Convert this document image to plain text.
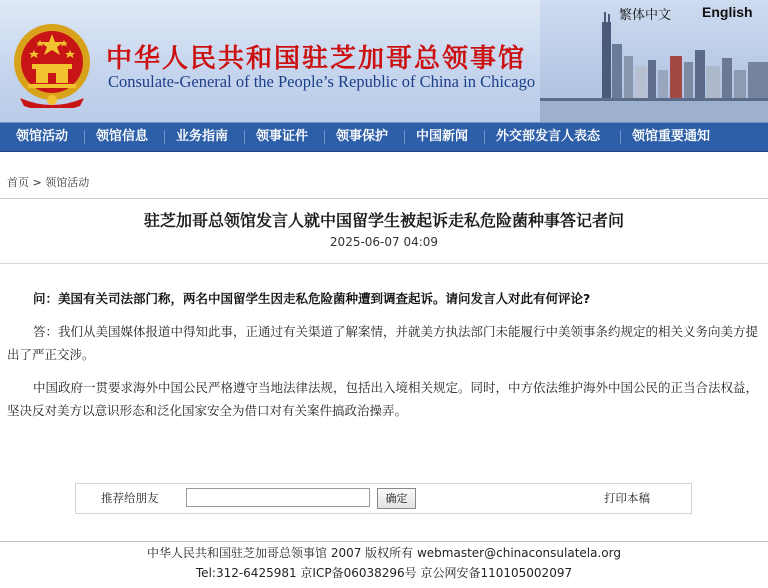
中华人民共和国驻芝加哥总领事馆
Consulate-General of the People’s Republic of China in Chicago
繁体中文 English
领馆活动 领馆信息 业务指南 领事证件 领事保护 中国新闻 外交部发言人表态 领馆重要通知
首页 > 领馆活动
驻芝加哥总领馆发言人就中国留学生被起诉走私危险菌种事答记者问
2025-06-07 04:09
问：美国有关司法部门称，两名中国留学生因走私危险菌种遭到调查起诉。请问发言人对此有何评论?
答：我们从美国媒体报道中得知此事，正通过有关渠道了解案情，并就美方执法部门未能履行中美领事条约规定的相关义务向美方提出了严正交涉。
中国政府一贯要求海外中国公民严格遵守当地法律法规，包括出入境相关规定。同时，中方依法维护海外中国公民的正当合法权益，坚决反对美方以意识形态和泛化国家安全为借口对有关案件搞政治操弄。
推荐给朋友	确定	打印本稿
中华人民共和国驻芝加哥总领事馆 2007 版权所有 webmaster@chinaconsulatela.org
Tel:312-6425981 京ICP备06038296号 京公网安备110105002097
